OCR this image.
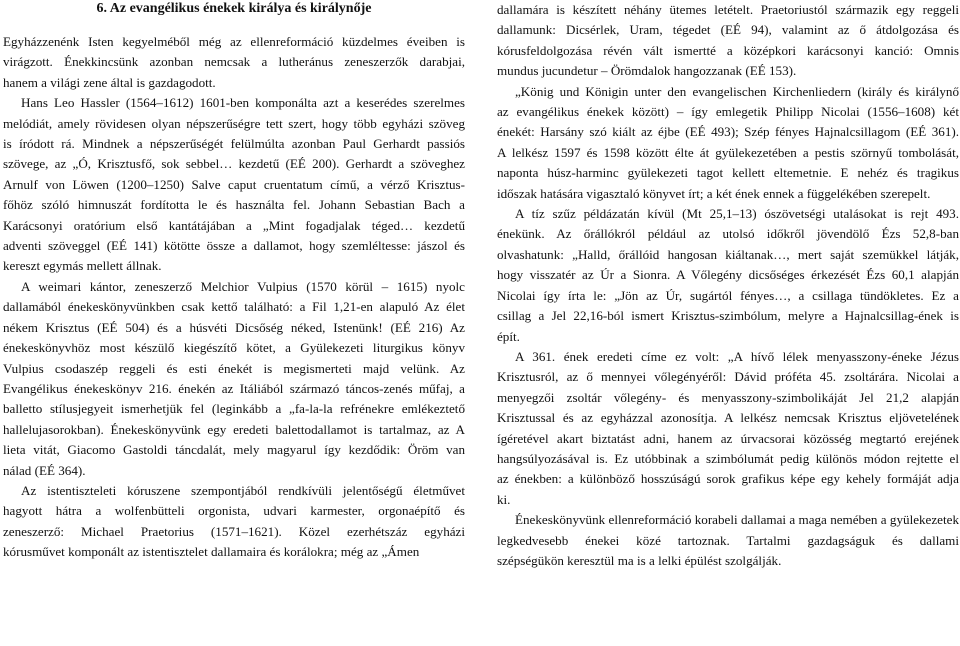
6. Az evangélikus énekek királya és királynője

Egyházzenénk Isten kegyelméből még az ellenreformáció küzdelmes éveiben is
virágzott. Énekkincsünk azonban nemcsak a lutheránus zeneszerzők darabjai,
hanem a világi zene által is gazdagodott.

Hans Leo Hassler (1564–1612) 1601-ben komponálta azt a keserédes szerelmes
melódiát, amely rövidesen olyan népszerűségre tett szert, hogy több egyházi szöveg
is íródott rá. Mindnek a népszerűségét felülmúlta azonban Paul Gerhardt passiós
szövege, az „Ó, Krisztusfő, sok sebbel… kezdetű (EÉ 200). Gerhardt a szöveghez
Arnulf von Löwen (1200–1250) Salve caput cruentatum című, a vérző Krisztus-
főhöz szóló himnuszát fordította le és használta fel. Johann Sebastian Bach a
Karácsonyi oratórium első kantátájában a „Mint fogadjalak téged… kezdetű
adventi szöveggel (EÉ 141) kötötte össze a dallamot, hogy szemléltesse: jászol és
kereszt egymás mellett állnak.

A weimari kántor, zeneszerző Melchior Vulpius (1570 körül – 1615) nyolc
dallamából énekeskönyvünkben csak kettő található: a Fil 1,21-en alapuló Az élet
nékem Krisztus (EÉ 504) és a húsvéti Dicsőség néked, Istenünk! (EÉ 216) Az
énekeskönyvhöz most készülő kiegészítő kötet, a Gyülekezeti liturgikus könyv
Vulpius csodaszép reggeli és esti énekét is megismerteti majd velünk. Az
Evangélikus énekeskönyv 216. énekén az Itáliából származó táncos-zenés műfaj, a
balletto stílusjegyeit ismerhetjük fel (leginkább a „fa-la-la refrénekre emlékeztető
hallelujasorokban). Énekeskönyvünk egy eredeti balettodallamot is tartalmaz, az A
lieta vitát, Giacomo Gastoldi táncdalát, mely magyarul így kezdődik: Öröm van
nálad (EÉ 364).

Az istentiszteleti kóruszene szempontjából rendkívüli jelentőségű életművet
hagyott hátra a wolfenbütteli orgonista, udvari karmester, orgonaépítő és
zeneszerző: Michael Praetorius (1571–1621). Közel ezerhétszáz egyházi
kórusművet komponált az istentisztelet dallamaira és korálokra; még az „Ámen

dallamára is készített néhány ütemes letételt. Praetoriustól származik egy reggeli
dallamunk: Dicsérlek, Uram, tégedet (EÉ 94), valamint az ő átdolgozása és
kórusfeldolgozása révén vált ismertté a középkori karácsonyi kanció: Omnis
mundus jucundetur – Örömdalok hangozzanak (EÉ 153).

„König und Königin unter den evangelischen Kirchenliedern (király és királynő
az evangélikus énekek között) – így emlegetik Philipp Nicolai (1556–1608) két
énekét: Harsány szó kiált az éjbe (EÉ 493); Szép fényes Hajnalcsillagom (EÉ 361).
A lelkész 1597 és 1598 között élte át gyülekezetében a pestis szörnyű tombolását,
naponta húsz-harminc gyülekezeti tagot kellett eltemetnie. E nehéz és tragikus
időszak hatására vigasztaló könyvet írt; a két ének ennek a függelékében szerepelt.

A tíz szűz példázatán kívül (Mt 25,1–13) ószövetségi utalásokat is rejt 493.
énekünk. Az őrállókról például az utolsó időkről jövendölő Ézs 52,8-ban
olvashatunk: „Halld, őrállóid hangosan kiáltanak…, mert saját szemükkel látják,
hogy visszatér az Úr a Sionra. A Vőlegény dicsőséges érkezését Ézs 60,1 alapján
Nicolai így írta le: „Jön az Úr, sugártól fényes…, a csillaga tündökletes. Ez a
csillag a Jel 22,16-ból ismert Krisztus-szimbólum, melyre a Hajnalcsillag-ének is
épít.

A 361. ének eredeti címe ez volt: „A hívő lélek menyasszony-éneke Jézus
Krisztusról, az ő mennyei vőlegényéről: Dávid próféta 45. zsoltárára. Nicolai a
menyegzői zsoltár vőlegény- és menyasszony-szimbolikáját Jel 21,2 alapján
Krisztussal és az egyházzal azonosítja. A lelkész nemcsak Krisztus eljövetelének
ígéretével akart biztatást adni, hanem az úrvacsorai közösség megtartó erejének
hangsúlyozásával is. Ez utóbbinak a szimbólumát pedig különös módon rejtette el
az énekben: a különböző hosszúságú sorok grafikus képe egy kehely formáját adja
ki.

Énekeskönyvünk ellenreformáció korabeli dallamai a maga nemében a gyülekezetek
legkedvesebb énekei közé tartoznak. Tartalmi gazdagságuk és dallami
szépségükön keresztül ma is a lelki épülést szolgálják.
